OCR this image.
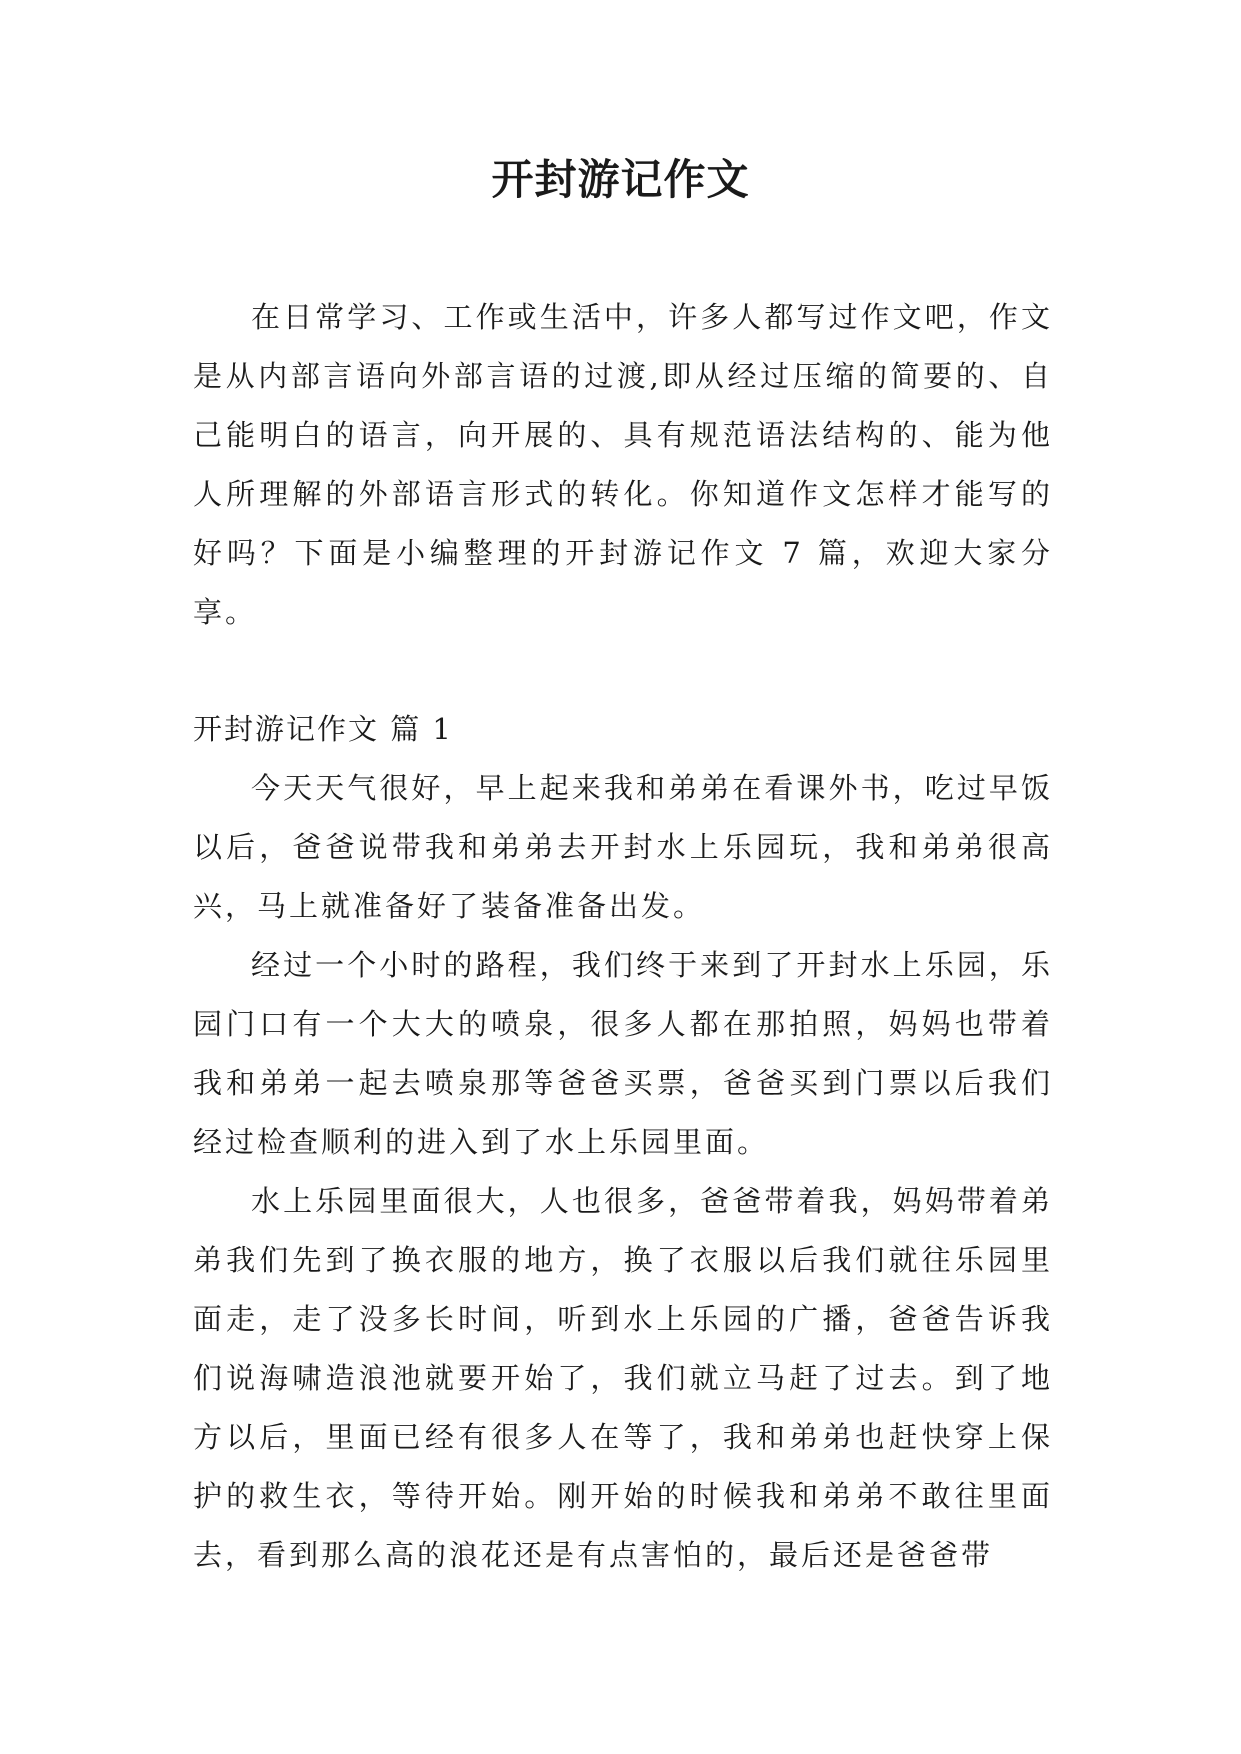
开封游记作文

在日常学习、工作或生活中，许多人都写过作文吧，作文是从内部言语向外部言语的过渡,即从经过压缩的简要的、自己能明白的语言，向开展的、具有规范语法结构的、能为他人所理解的外部语言形式的转化。你知道作文怎样才能写的好吗？下面是小编整理的开封游记作文 7 篇，欢迎大家分享。

开封游记作文 篇 1

今天天气很好，早上起来我和弟弟在看课外书，吃过早饭以后，爸爸说带我和弟弟去开封水上乐园玩，我和弟弟很高兴，马上就准备好了装备准备出发。

经过一个小时的路程，我们终于来到了开封水上乐园，乐园门口有一个大大的喷泉，很多人都在那拍照，妈妈也带着我和弟弟一起去喷泉那等爸爸买票，爸爸买到门票以后我们经过检查顺利的进入到了水上乐园里面。

水上乐园里面很大，人也很多，爸爸带着我，妈妈带着弟弟我们先到了换衣服的地方，换了衣服以后我们就往乐园里面走，走了没多长时间，听到水上乐园的广播，爸爸告诉我们说海啸造浪池就要开始了，我们就立马赶了过去。到了地方以后，里面已经有很多人在等了，我和弟弟也赶快穿上保护的救生衣，等待开始。刚开始的时候我和弟弟不敢往里面去，看到那么高的浪花还是有点害怕的，最后还是爸爸带
